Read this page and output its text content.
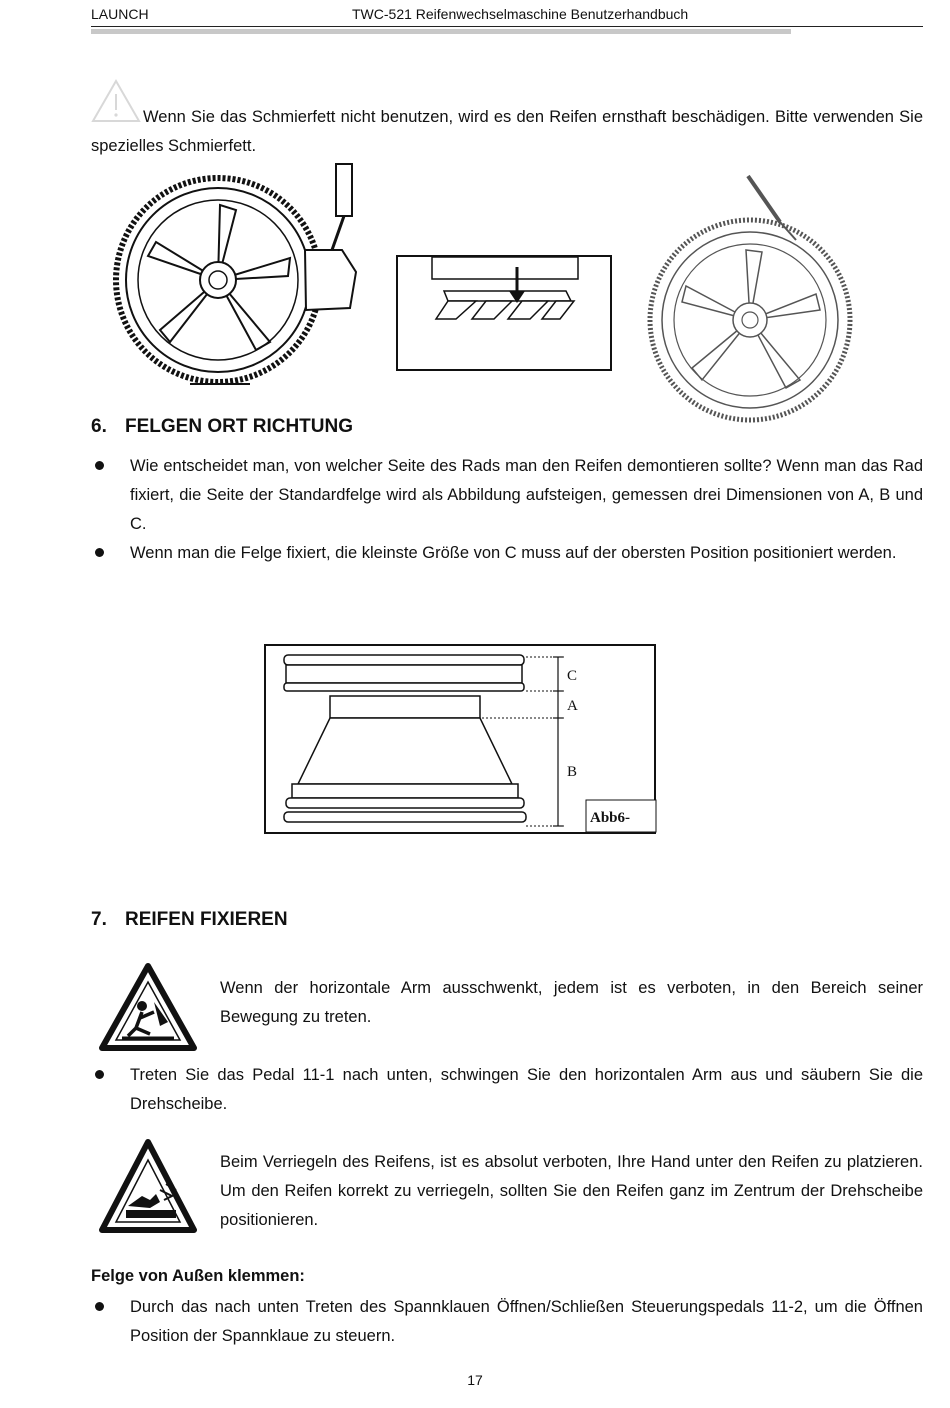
LAUNCH	TWC-521 Reifenwechselmaschine Benutzerhandbuch
Wenn Sie das Schmierfett nicht benutzen, wird es den Reifen ernsthaft beschädigen. Bitte verwenden Sie spezielles Schmierfett.
6. FELGEN ORT RICHTUNG
Wie entscheidet man, von welcher Seite des Rads man den Reifen demontieren sollte? Wenn man das Rad fixiert, die Seite der Standardfelge wird als Abbildung aufsteigen, gemessen drei Dimensionen von A, B und C.
Wenn man die Felge fixiert, die kleinste Größe von C muss auf der obersten Position positioniert werden.
C
A
B
Abb6-
7. REIFEN FIXIEREN
Wenn der horizontale Arm ausschwenkt, jedem ist es verboten, in den Bereich seiner Bewegung zu treten.
Treten Sie das Pedal 11-1 nach unten, schwingen Sie den horizontalen Arm aus und säubern Sie die Drehscheibe.
Beim Verriegeln des Reifens, ist es absolut verboten, Ihre Hand unter den Reifen zu platzieren. Um den Reifen korrekt zu verriegeln, sollten Sie den Reifen ganz im Zentrum der Drehscheibe positionieren.
Felge von Außen klemmen:
Durch das nach unten Treten des Spannklauen Öffnen/Schließen Steuerungspedals 11-2, um die Öffnen Position der Spannklaue zu steuern.
17
